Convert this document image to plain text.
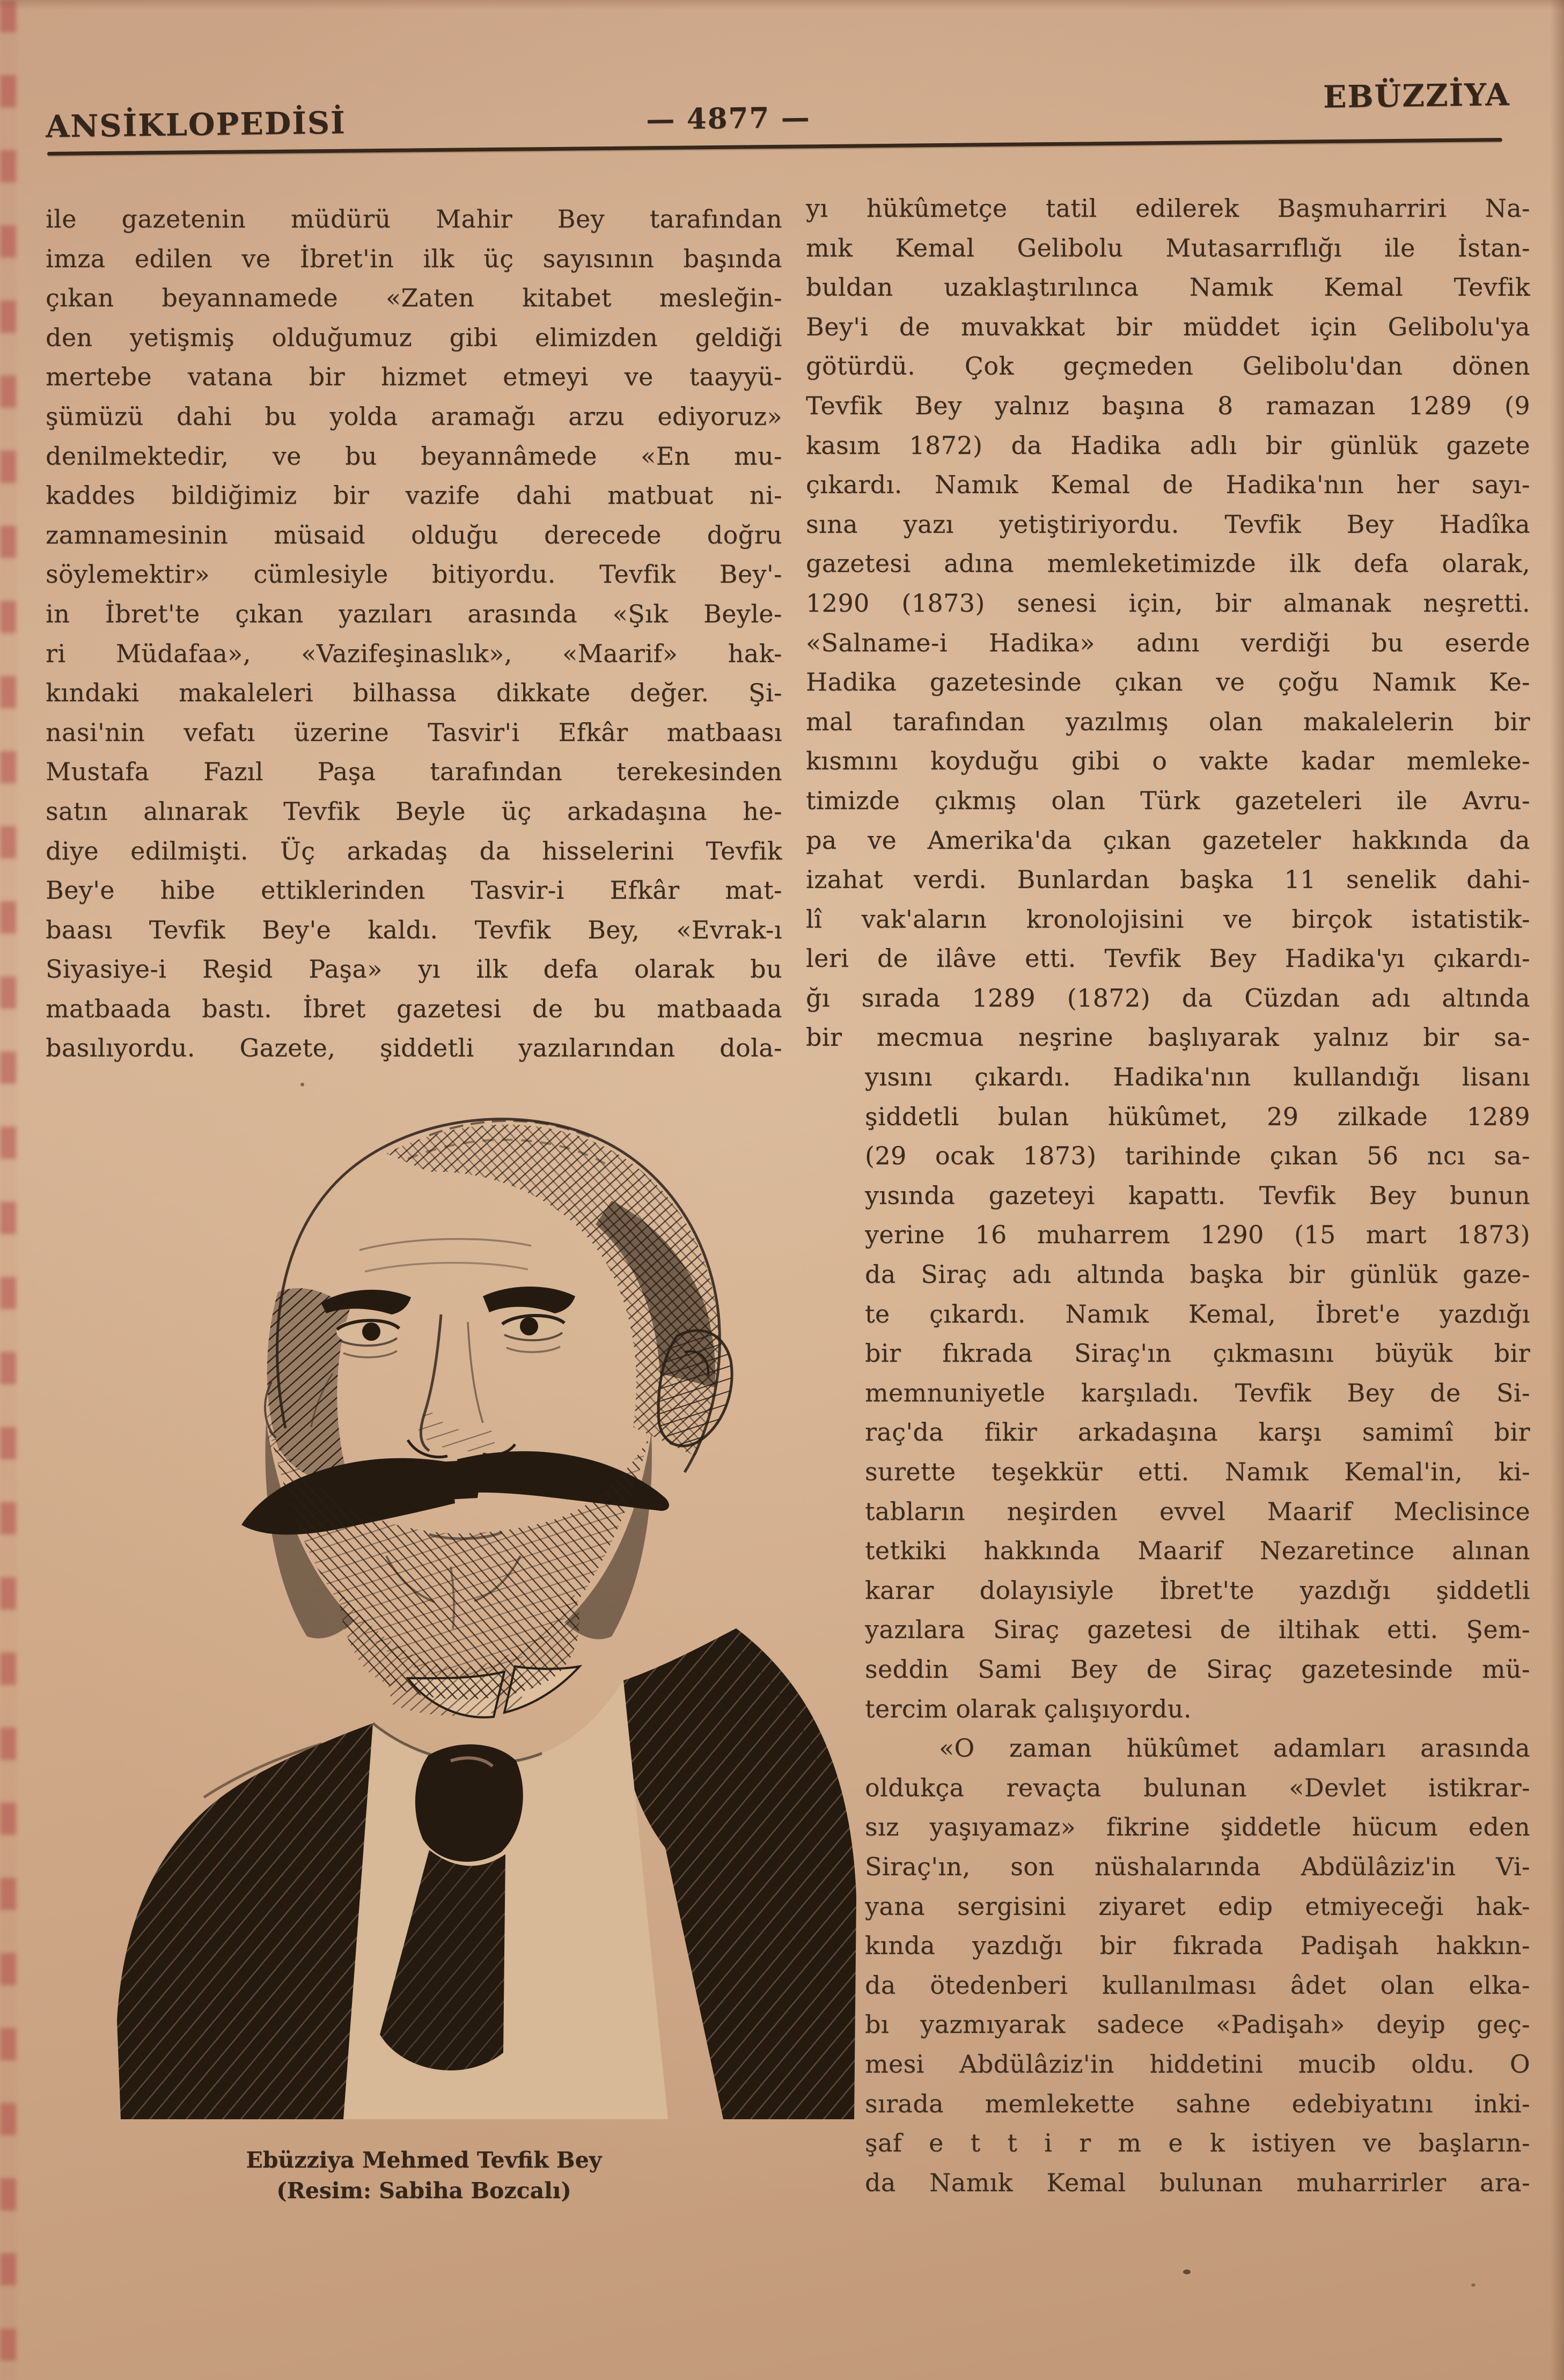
ANSİKLOPEDİSİ	— 4877 —
EBÜZZİYA
ile gazetenin müdürü Mahir Bey tarafından
imza edilen ve İbret'in ilk üç sayısının başında
çıkan beyannamede «Zaten kitabet mesleğin-
den yetişmiş olduğumuz gibi elimizden geldiği
mertebe vatana bir hizmet etmeyi ve taayyü-
şümüzü dahi bu yolda aramağı arzu ediyoruz»
denilmektedir, ve bu beyannâmede «En mu-
kaddes bildiğimiz bir vazife dahi matbuat ni-
zamnamesinin müsaid olduğu derecede doğru
söylemektir» cümlesiyle bitiyordu. Tevfik Bey'-
in İbret'te çıkan yazıları arasında «Şık Beyle-
ri Müdafaa», «Vazifeşinaslık», «Maarif» hak-
kındaki makaleleri bilhassa dikkate değer. Şi-
nasi'nin vefatı üzerine Tasvir'i Efkâr matbaası
Mustafa Fazıl Paşa tarafından terekesinden
satın alınarak Tevfik Beyle üç arkadaşına he-
diye edilmişti. Üç arkadaş da hisselerini Tevfik
Bey'e hibe ettiklerinden Tasvir-i Efkâr mat-
baası Tevfik Bey'e kaldı. Tevfik Bey, «Evrak-ı
Siyasiye-i Reşid Paşa» yı ilk defa olarak bu
matbaada bastı. İbret gazetesi de bu matbaada
basılıyordu. Gazete, şiddetli yazılarından dola-
yı hükûmetçe tatil edilerek Başmuharriri Na-
mık Kemal Gelibolu Mutasarrıflığı ile İstan-
buldan uzaklaştırılınca Namık Kemal Tevfik
Bey'i de muvakkat bir müddet için Gelibolu'ya
götürdü. Çok geçmeden Gelibolu'dan dönen
Tevfik Bey yalnız başına 8 ramazan 1289 (9
kasım 1872) da Hadika adlı bir günlük gazete
çıkardı. Namık Kemal de Hadika'nın her sayı-
sına yazı yetiştiriyordu. Tevfik Bey Hadîka
gazetesi adına memleketimizde ilk defa olarak,
1290 (1873) senesi için, bir almanak neşretti.
«Salname-i Hadika» adını verdiği bu eserde
Hadika gazetesinde çıkan ve çoğu Namık Ke-
mal tarafından yazılmış olan makalelerin bir
kısmını koyduğu gibi o vakte kadar memleke-
timizde çıkmış olan Türk gazeteleri ile Avru-
pa ve Amerika'da çıkan gazeteler hakkında da
izahat verdi. Bunlardan başka 11 senelik dahi-
lî vak'aların kronolojisini ve birçok istatistik-
leri de ilâve etti. Tevfik Bey Hadika'yı çıkardı-
ğı sırada 1289 (1872) da Cüzdan adı altında
bir mecmua neşrine başlıyarak yalnız bir sa-
yısını çıkardı. Hadika'nın kullandığı lisanı
şiddetli bulan hükûmet, 29 zilkade 1289
(29 ocak 1873) tarihinde çıkan 56 ncı sa-
yısında gazeteyi kapattı. Tevfik Bey bunun
yerine 16 muharrem 1290 (15 mart 1873)
da Siraç adı altında başka bir günlük gaze-
te çıkardı. Namık Kemal, İbret'e yazdığı
bir fıkrada Siraç'ın çıkmasını büyük bir
memnuniyetle karşıladı. Tevfik Bey de Si-
raç'da fikir arkadaşına karşı samimî bir
surette teşekkür etti. Namık Kemal'in, ki-
tabların neşirden evvel Maarif Meclisince
tetkiki hakkında Maarif Nezaretince alınan
karar dolayısiyle İbret'te yazdığı şiddetli
yazılara Siraç gazetesi de iltihak etti. Şem-
seddin Sami Bey de Siraç gazetesinde mü-
tercim olarak çalışıyordu.
«O zaman hükûmet adamları arasında
oldukça revaçta bulunan «Devlet istikrar-
sız yaşıyamaz» fikrine şiddetle hücum eden
Siraç'ın, son nüshalarında Abdülâziz'in Vi-
yana sergisini ziyaret edip etmiyeceği hak-
kında yazdığı bir fıkrada Padişah hakkın-
da ötedenberi kullanılması âdet olan elka-
bı yazmıyarak sadece «Padişah» deyip geç-
mesi Abdülâziz'in hiddetini mucib oldu. O
sırada memlekette sahne edebiyatını inki-
şaf e t t i r m e k istiyen ve başların-
da Namık Kemal bulunan muharrirler ara-
Ebüzziya Mehmed Tevfik Bey
(Resim: Sabiha Bozcalı)
